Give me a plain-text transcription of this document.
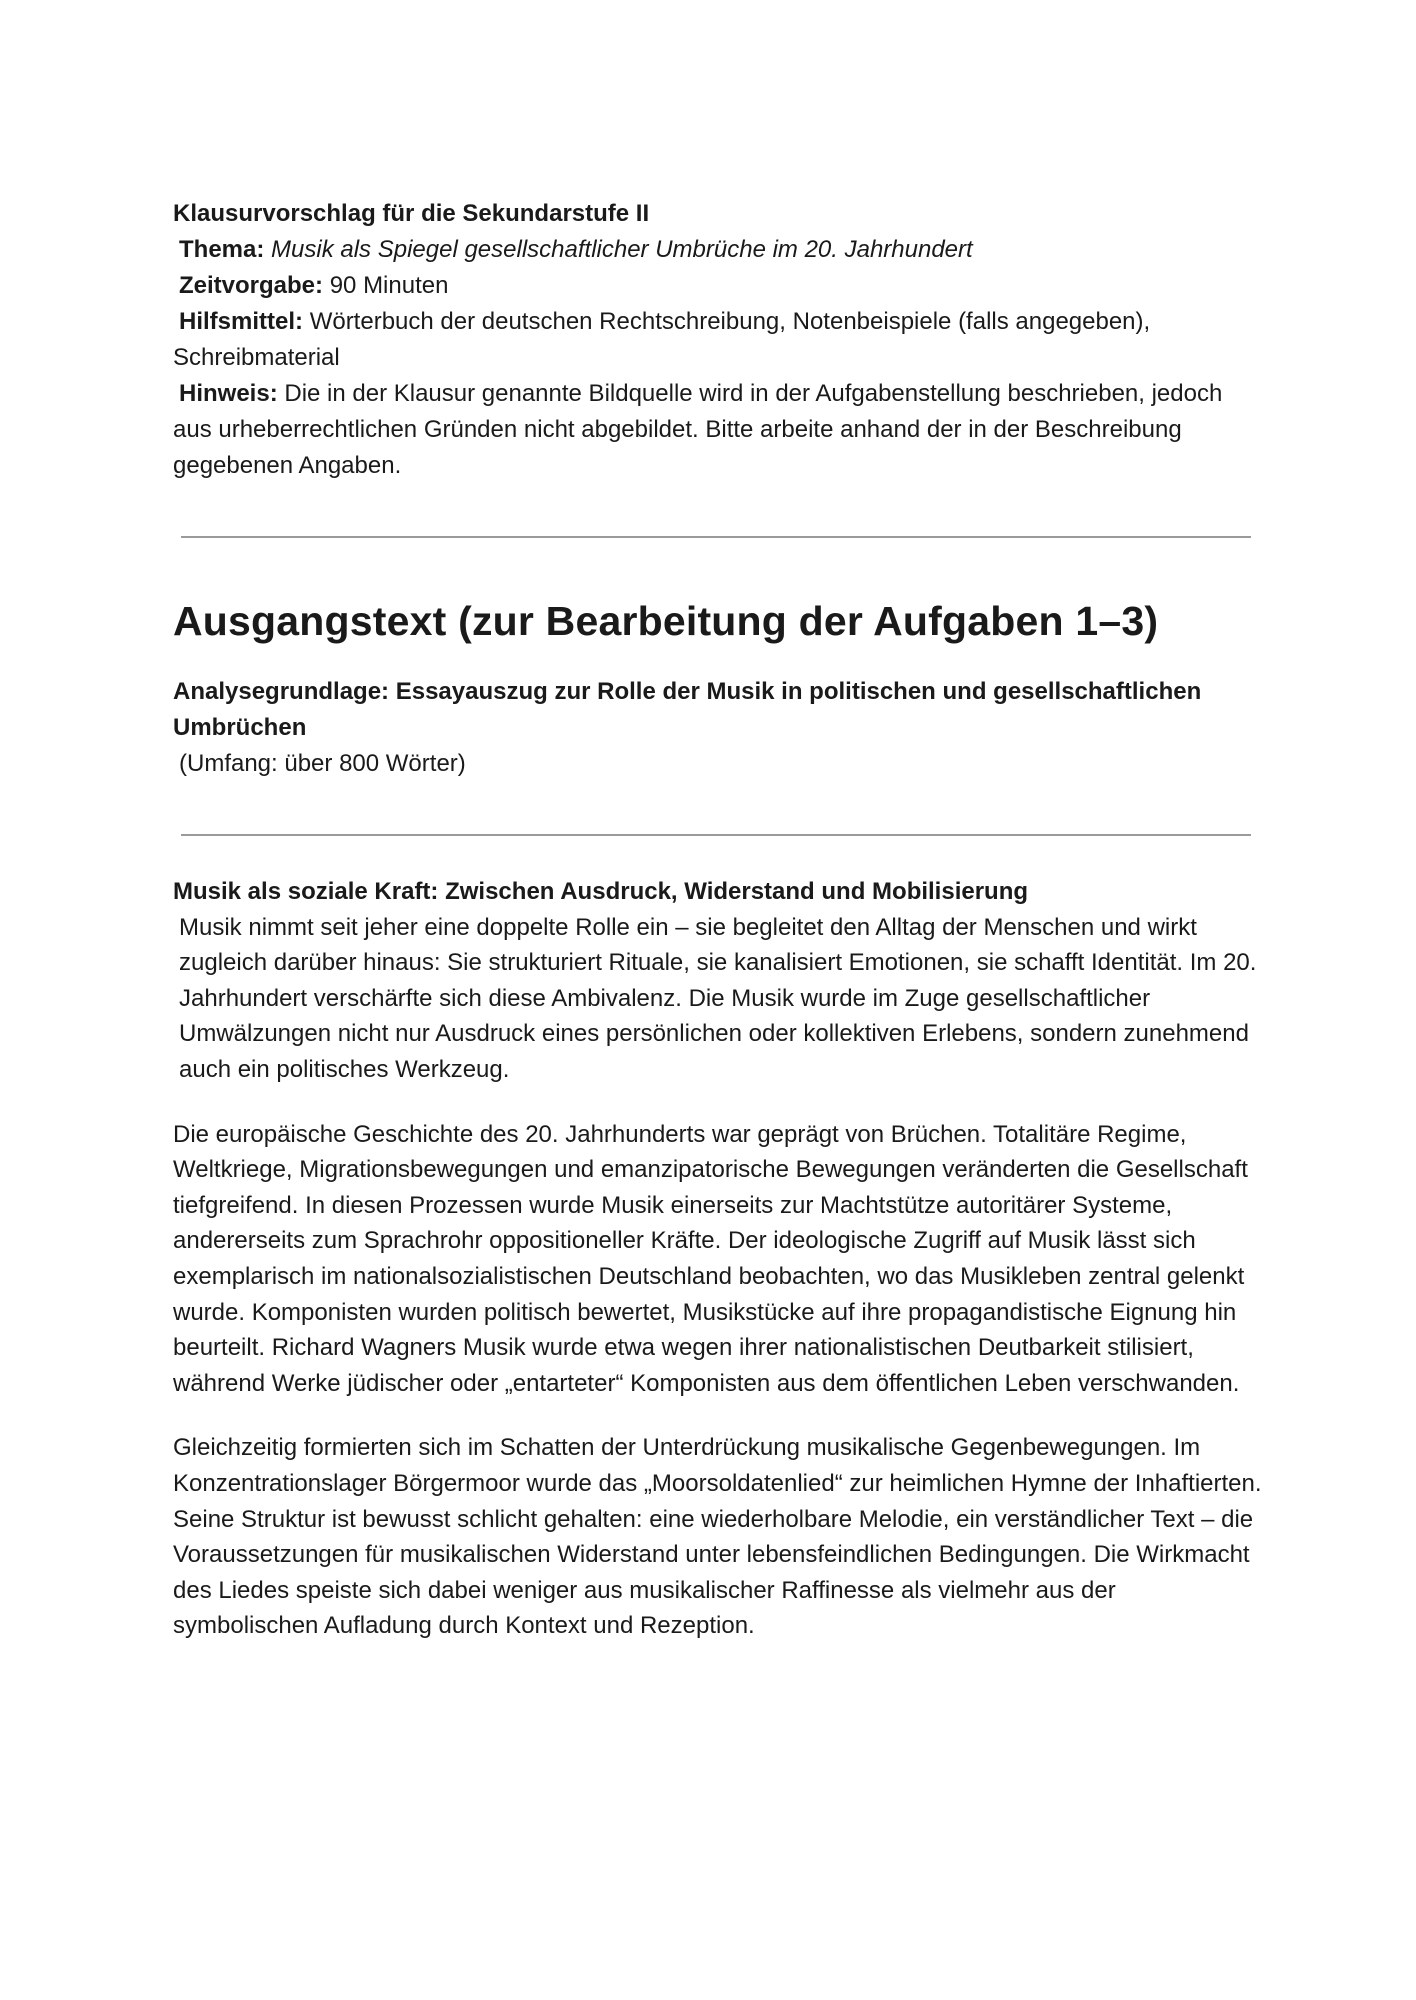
Klausurvorschlag für die Sekundarstufe II

Thema: Musik als Spiegel gesellschaftlicher Umbrüche im 20. Jahrhundert

Zeitvorgabe: 90 Minuten

Hilfsmittel: Wörterbuch der deutschen Rechtschreibung, Notenbeispiele (falls angegeben), Schreibmaterial

Hinweis: Die in der Klausur genannte Bildquelle wird in der Aufgabenstellung beschrieben, jedoch aus urheberrechtlichen Gründen nicht abgebildet. Bitte arbeite anhand der in der Beschreibung gegebenen Angaben.

Ausgangstext (zur Bearbeitung der Aufgaben 1–3)

Analysegrundlage: Essayauszug zur Rolle der Musik in politischen und gesellschaftlichen Umbrüchen

(Umfang: über 800 Wörter)

Musik als soziale Kraft: Zwischen Ausdruck, Widerstand und Mobilisierung

Musik nimmt seit jeher eine doppelte Rolle ein – sie begleitet den Alltag der Menschen und wirkt zugleich darüber hinaus: Sie strukturiert Rituale, sie kanalisiert Emotionen, sie schafft Identität. Im 20. Jahrhundert verschärfte sich diese Ambivalenz. Die Musik wurde im Zuge gesellschaftlicher Umwälzungen nicht nur Ausdruck eines persönlichen oder kollektiven Erlebens, sondern zunehmend auch ein politisches Werkzeug.

Die europäische Geschichte des 20. Jahrhunderts war geprägt von Brüchen. Totalitäre Regime, Weltkriege, Migrationsbewegungen und emanzipatorische Bewegungen veränderten die Gesellschaft tiefgreifend. In diesen Prozessen wurde Musik einerseits zur Machtstütze autoritärer Systeme, andererseits zum Sprachrohr oppositioneller Kräfte. Der ideologische Zugriff auf Musik lässt sich exemplarisch im nationalsozialistischen Deutschland beobachten, wo das Musikleben zentral gelenkt wurde. Komponisten wurden politisch bewertet, Musikstücke auf ihre propagandistische Eignung hin beurteilt. Richard Wagners Musik wurde etwa wegen ihrer nationalistischen Deutbarkeit stilisiert, während Werke jüdischer oder „entarteter“ Komponisten aus dem öffentlichen Leben verschwanden.

Gleichzeitig formierten sich im Schatten der Unterdrückung musikalische Gegenbewegungen. Im Konzentrationslager Börgermoor wurde das „Moorsoldatenlied“ zur heimlichen Hymne der Inhaftierten. Seine Struktur ist bewusst schlicht gehalten: eine wiederholbare Melodie, ein verständlicher Text – die Voraussetzungen für musikalischen Widerstand unter lebensfeindlichen Bedingungen. Die Wirkmacht des Liedes speiste sich dabei weniger aus musikalischer Raffinesse als vielmehr aus der symbolischen Aufladung durch Kontext und Rezeption.
